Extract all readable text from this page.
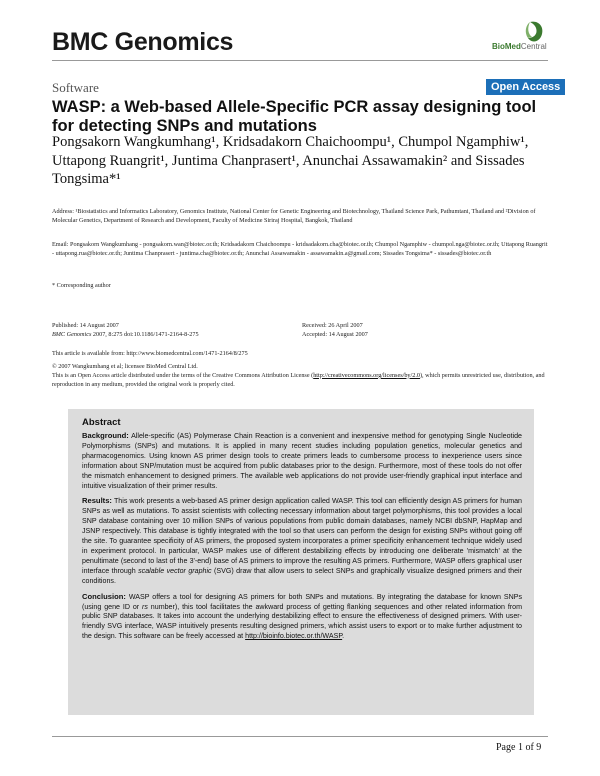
BMC Genomics	BioMedCentral
Software	Open Access
WASP: a Web-based Allele-Specific PCR assay designing tool for detecting SNPs and mutations
Pongsakorn Wangkumhang¹, Kridsadakorn Chaichoompu¹, Chumpol Ngamphiw¹, Uttapong Ruangrit¹, Juntima Chanprasert¹, Anunchai Assawamakin² and Sissades Tongsima*¹
Address: ¹Biostatistics and Informatics Laboratory, Genomics Institute, National Center for Genetic Engineering and Biotechnology, Thailand Science Park, Pathumtani, Thailand and ²Division of Molecular Genetics, Department of Research and Development, Faculty of Medicine Siriraj Hospital, Bangkok, Thailand
Email: Pongsakorn Wangkumhang - pongsakorn.wan@biotec.or.th; Kridsadakorn Chaichoompu - kridsadakorn.cha@biotec.or.th; Chumpol Ngamphiw - chumpol.nga@biotec.or.th; Uttapong Ruangrit - uttapong.rua@biotec.or.th; Juntima Chanprasert - juntima.cha@biotec.or.th; Anunchai Assawamakin - assawamakin.a@gmail.com; Sissades Tongsima* - sissades@biotec.or.th
* Corresponding author
Published: 14 August 2007
BMC Genomics 2007, 8:275 doi:10.1186/1471-2164-8-275
Received: 26 April 2007
Accepted: 14 August 2007
This article is available from: http://www.biomedcentral.com/1471-2164/8/275
© 2007 Wangkumhang et al; licensee BioMed Central Ltd.
This is an Open Access article distributed under the terms of the Creative Commons Attribution License (http://creativecommons.org/licenses/by/2.0), which permits unrestricted use, distribution, and reproduction in any medium, provided the original work is properly cited.
Abstract
Background: Allele-specific (AS) Polymerase Chain Reaction is a convenient and inexpensive method for genotyping Single Nucleotide Polymorphisms (SNPs) and mutations. It is applied in many recent studies including population genetics, molecular genetics and pharmacogenomics. Using known AS primer design tools to create primers leads to cumbersome process to inexperience users since information about SNP/mutation must be acquired from public databases prior to the design. Furthermore, most of these tools do not offer the mismatch enhancement to designed primers. The available web applications do not provide user-friendly graphical input interface and intuitive visualization of their primer results.
Results: This work presents a web-based AS primer design application called WASP. This tool can efficiently design AS primers for human SNPs as well as mutations. To assist scientists with collecting necessary information about target polymorphisms, this tool provides a local SNP database containing over 10 million SNPs of various populations from public domain databases, namely NCBI dbSNP, HapMap and JSNP respectively. This database is tightly integrated with the tool so that users can perform the design for existing SNPs without going off the site. To guarantee specificity of AS primers, the proposed system incorporates a primer specificity enhancement technique widely used in experiment protocol. In particular, WASP makes use of different destabilizing effects by introducing one deliberate 'mismatch' at the penultimate (second to last of the 3'-end) base of AS primers to improve the resulting AS primers. Furthermore, WASP offers graphical user interface through scalable vector graphic (SVG) draw that allow users to select SNPs and graphically visualize designed primers and their conditions.
Conclusion: WASP offers a tool for designing AS primers for both SNPs and mutations. By integrating the database for known SNPs (using gene ID or rs number), this tool facilitates the awkward process of getting flanking sequences and other related information from public SNP databases. It takes into account the underlying destabilizing effect to ensure the effectiveness of designed primers. With user-friendly SVG interface, WASP intuitively presents resulting designed primers, which assist users to export or to make further adjustment to the design. This software can be freely accessed at http://bioinfo.biotec.or.th/WASP.
Page 1 of 9
